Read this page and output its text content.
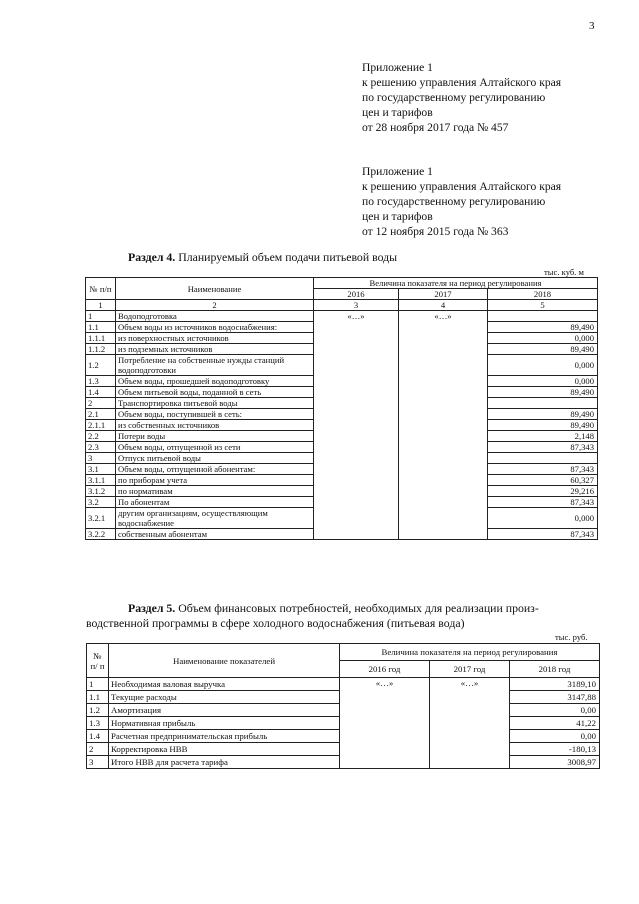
3
Приложение 1
к решению управления Алтайского края
по государственному регулированию
цен и тарифов
от 28 ноября 2017 года № 457
Приложение 1
к решению управления Алтайского края
по государственному регулированию
цен и тарифов
от 12 ноября 2015 года № 363
Раздел 4. Планируемый объем подачи питьевой воды
тыс. куб. м
№ п/п	Наименование	Величина показателя на период регулирования		
		2016	2017	2018
1	2	3	4	5
1	Водоподготовка	«…»	«…»	
1.1	Объем воды из источников водоснабжения:			89,490
1.1.1	из поверхностных источников			0,000
1.1.2	из подземных источников			89,490
1.2	Потребление на собственные нужды станций водоподготовки			0,000
1.3	Объем воды, прошедшей водоподготовку			0,000
1.4	Объем питьевой воды, поданной в сеть			89,490
2	Транспортировка питьевой воды			
2.1	Объем воды, поступившей в сеть:			89,490
2.1.1	из собственных источников			89,490
2.2	Потери воды			2,148
2.3	Объем воды, отпущенной из сети			87,343
3	Отпуск питьевой воды			
3.1	Объем воды, отпущенной абонентам:			87,343
3.1.1	по приборам учета			60,327
3.1.2	по нормативам			29,216
3.2	По абонентам			87,343
3.2.1	другим организациям, осуществляющим водоснабжение			0,000
3.2.2	собственным абонентам			87,343
Раздел 5. Объем финансовых потребностей, необходимых для реализации произ-
водственной программы в сфере холодного водоснабжения (питьевая вода)
тыс. руб.
№ п/ п	Наименование показателей	Величина показателя на период регулирования		
		2016 год	2017 год	2018 год
1	Необходимая валовая выручка	«…»	«…»	3189,10
1.1	Текущие расходы			3147,88
1.2	Амортизация			0,00
1.3	Нормативная прибыль			41,22
1.4	Расчетная предпринимательская прибыль			0,00
2	Корректировка НВВ			-180,13
3	Итого НВВ для расчета тарифа			3008,97
